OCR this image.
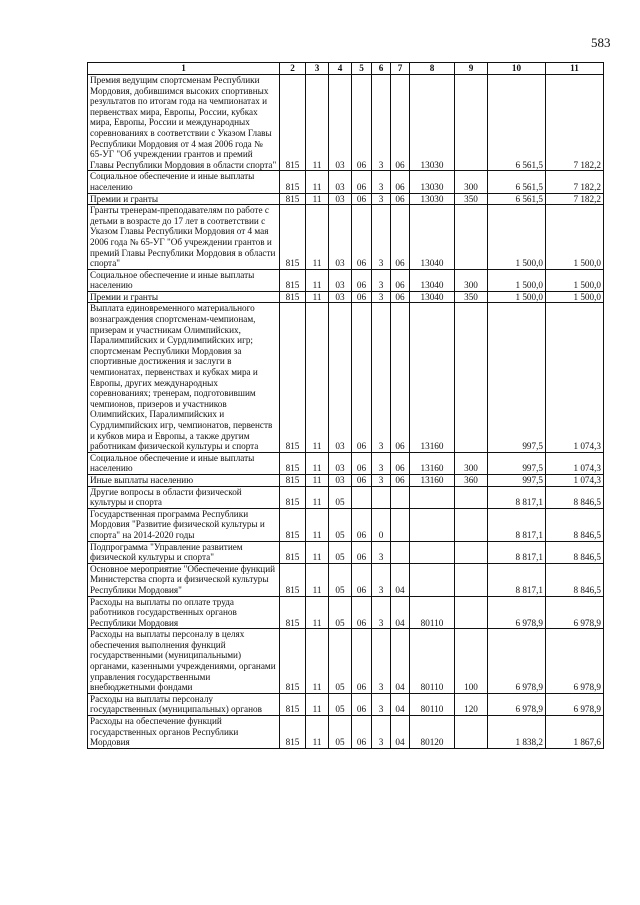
583
1	2	3	4	5	6	7	8	9	10	11
Премия ведущим спортсменам Республики Мордовия, добившимся высоких спортивных результатов по итогам года на чемпионатах и первенствах мира, Европы, России, кубках мира, Европы, России и международных соревнованиях в соответствии с Указом Главы Республики Мордовия от 4 мая 2006 года № 65-УГ "Об учреждении грантов и премий Главы Республики Мордовия в области спорта"	815	11	03	06	3	06	13030		6 561,5	7 182,2
Социальное обеспечение и иные выплаты населению	815	11	03	06	3	06	13030	300	6 561,5	7 182,2
Премии и гранты	815	11	03	06	3	06	13030	350	6 561,5	7 182,2
Гранты тренерам-преподавателям по работе с детьми в возрасте до 17 лет в соответствии с Указом Главы Республики Мордовия от 4 мая 2006 года № 65-УГ "Об учреждении грантов и премий Главы Республики Мордовия в области спорта"	815	11	03	06	3	06	13040		1 500,0	1 500,0
Социальное обеспечение и иные выплаты населению	815	11	03	06	3	06	13040	300	1 500,0	1 500,0
Премии и гранты	815	11	03	06	3	06	13040	350	1 500,0	1 500,0
Выплата единовременного материального вознаграждения спортсменам-чемпионам, призерам и участникам Олимпийских, Паралимпийских и Сурдлимпийских игр; спортсменам Республики Мордовия за спортивные достижения и заслуги в чемпионатах, первенствах и кубках мира и Европы, других международных соревнованиях; тренерам, подготовившим чемпионов, призеров и участников Олимпийских, Паралимпийских и Сурдлимпийских игр, чемпионатов, первенств и кубков мира и Европы, а также другим работникам физической культуры и спорта	815	11	03	06	3	06	13160		997,5	1 074,3
Социальное обеспечение и иные выплаты населению	815	11	03	06	3	06	13160	300	997,5	1 074,3
Иные выплаты населению	815	11	03	06	3	06	13160	360	997,5	1 074,3
Другие вопросы в области физической культуры и спорта	815	11	05						8 817,1	8 846,5
Государственная программа Республики Мордовия "Развитие физической культуры и спорта" на 2014-2020 годы	815	11	05	06	0				8 817,1	8 846,5
Подпрограмма "Управление развитием физической культуры и спорта"	815	11	05	06	3				8 817,1	8 846,5
Основное мероприятие "Обеспечение функций Министерства спорта и физической культуры Республики Мордовия"	815	11	05	06	3	04			8 817,1	8 846,5
Расходы на выплаты по оплате труда работников государственных органов Республики Мордовия	815	11	05	06	3	04	80110		6 978,9	6 978,9
Расходы на выплаты персоналу в целях обеспечения выполнения функций государственными (муниципальными) органами, казенными учреждениями, органами управления государственными внебюджетными фондами	815	11	05	06	3	04	80110	100	6 978,9	6 978,9
Расходы на выплаты персоналу государственных (муниципальных) органов	815	11	05	06	3	04	80110	120	6 978,9	6 978,9
Расходы на обеспечение функций государственных органов Республики Мордовия	815	11	05	06	3	04	80120		1 838,2	1 867,6
